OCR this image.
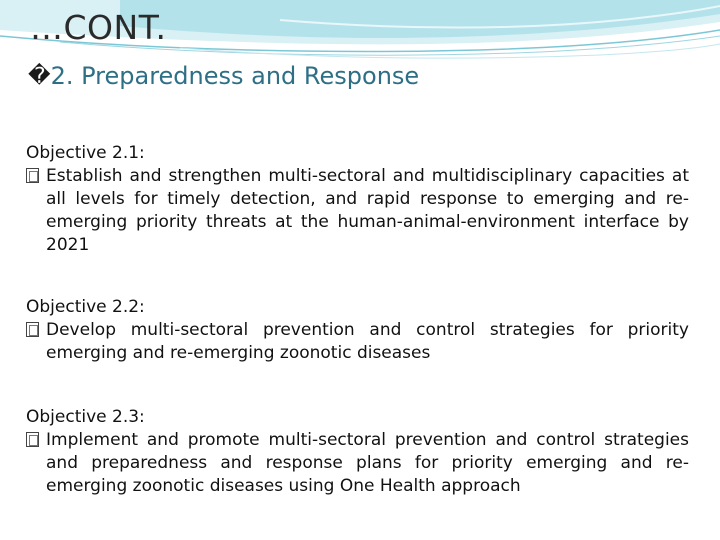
…CONT.
� 2. Preparedness and Response
Objective 2.1:
Establish and strengthen multi-sectoral and multidisciplinary capacities at all levels for timely detection, and rapid response to emerging and re-emerging priority threats at the human-animal-environment interface by 2021
Objective 2.2:
Develop multi-sectoral prevention and control strategies for priority emerging and re-emerging zoonotic diseases
Objective 2.3:
Implement and promote multi-sectoral prevention and control strategies and preparedness and response plans for priority emerging and re-emerging zoonotic diseases using One Health approach
